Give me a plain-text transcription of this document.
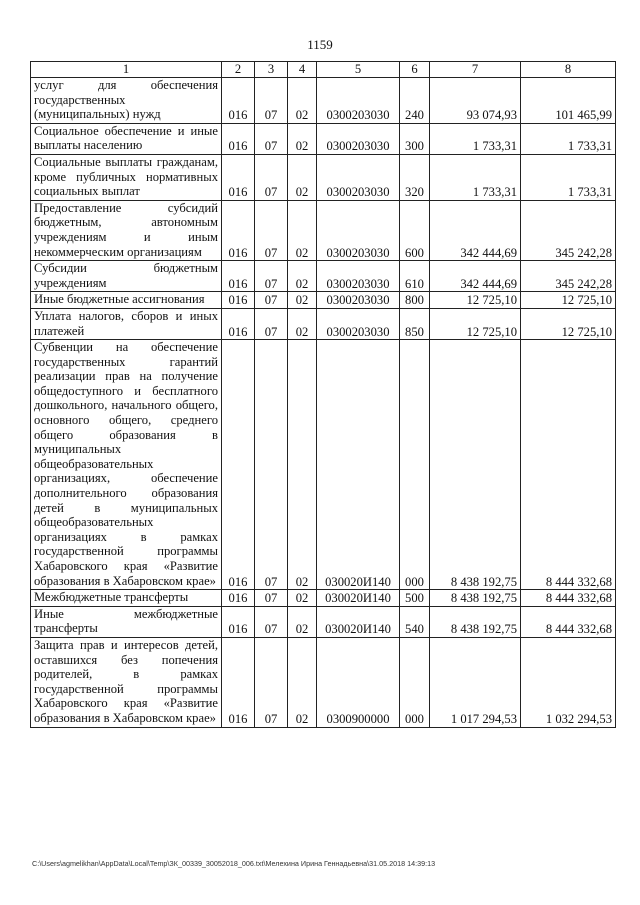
1159
1	2	3	4	5	6	7	8
услуг для обеспечения государственных (муниципальных) нужд	016	07	02	0300203030	240	93 074,93	101 465,99
Социальное обеспечение и иные выплаты населению	016	07	02	0300203030	300	1 733,31	1 733,31
Социальные выплаты гражданам, кроме публичных нормативных социальных выплат	016	07	02	0300203030	320	1 733,31	1 733,31
Предоставление субсидий бюджетным, автономным учреждениям и иным некоммерческим организациям	016	07	02	0300203030	600	342 444,69	345 242,28
Субсидии бюджетным учреждениям	016	07	02	0300203030	610	342 444,69	345 242,28
Иные бюджетные ассигнования	016	07	02	0300203030	800	12 725,10	12 725,10
Уплата налогов, сборов и иных платежей	016	07	02	0300203030	850	12 725,10	12 725,10
Субвенции на обеспечение государственных гарантий реализации прав на получение общедоступного и бесплатного дошкольного, начального общего, основного общего, среднего общего образования в муниципальных общеобразовательных организациях, обеспечение дополнительного образования детей в муниципальных общеобразовательных организациях в рамках государственной программы Хабаровского края «Развитие образования в Хабаровском крае»	016	07	02	030020И140	000	8 438 192,75	8 444 332,68
Межбюджетные трансферты	016	07	02	030020И140	500	8 438 192,75	8 444 332,68
Иные межбюджетные трансферты	016	07	02	030020И140	540	8 438 192,75	8 444 332,68
Защита прав и интересов детей, оставшихся без попечения родителей, в рамках государственной программы Хабаровского края «Развитие образования в Хабаровском крае»	016	07	02	0300900000	000	1 017 294,53	1 032 294,53
C:\Users\agmelikhan\AppData\Local\Temp\ЗК_00339_30052018_006.txt\Мелехина Ирина Геннадьевна\31.05.2018 14:39:13
